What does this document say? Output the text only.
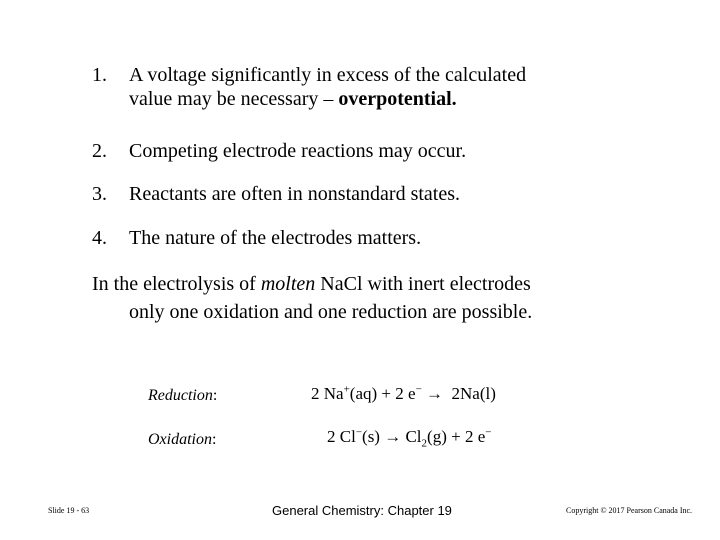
1.	A voltage significantly in excess of the calculated
value may be necessary – overpotential.
2.	Competing electrode reactions may occur.
3.	Reactants are often in nonstandard states.
4.	The nature of the electrodes matters.
In the electrolysis of molten NaCl with inert electrodes
only one oxidation and one reduction are possible.
Reduction:	2 Na+(aq) + 2 e− →  2Na(l)
Oxidation:	2 $Cl^-(s) \to Cl_2(g) + 2$ e−
Slide 19 - 63	General Chemistry: Chapter 19	Copyright © 2017 Pearson Canada Inc.
